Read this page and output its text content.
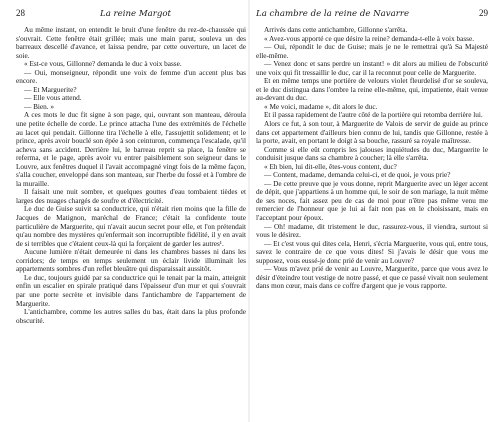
28	La reine Margot

Au même instant, on entendit le bruit d'une fenêtre du rez-de-chaussée qui s'ouvrait. Cette fenêtre était grillée; mais une main parut, souleva un des barreaux descellé d'avance, et laissa pendre, par cette ouverture, un lacet de soie.

« Est-ce vous, Gillonne? demanda le duc à voix basse.

— Oui, monseigneur, répondit une voix de femme d'un accent plus bas encore.

— Et Marguerite?

— Elle vous attend.

— Bien. »

A ces mots le duc fit signe à son page, qui, ouvrant son manteau, déroula une petite échelle de corde. Le prince attacha l'une des extrémités de l'échelle au lacet qui pendait. Gillonne tira l'échelle à elle, l'assujettit solidement; et le prince, après avoir bouclé son épée à son ceinturon, commença l'escalade, qu'il acheva sans accident. Derrière lui, le barreau reprit sa place, la fenêtre se referma, et le page, après avoir vu entrer paisiblement son seigneur dans le Louvre, aux fenêtres duquel il l'avait accompagné vingt fois de la même façon, s'alla coucher, enveloppé dans son manteau, sur l'herbe du fossé et à l'ombre de la muraille.

Il faisait une nuit sombre, et quelques gouttes d'eau tombaient tièdes et larges des nuages chargés de soufre et d'électricité.

Le duc de Guise suivit sa conductrice, qui n'était rien moins que la fille de Jacques de Matignon, maréchal de France; c'était la confidente toute particulière de Marguerite, qui n'avait aucun secret pour elle, et l'on prétendait qu'au nombre des mystères qu'enfermait son incorruptible fidélité, il y en avait de si terribles que c'étaient ceux-là qui la forçaient de garder les autres¹.

Aucune lumière n'était demeurée ni dans les chambres basses ni dans les corridors; de temps en temps seulement un éclair livide illuminait les appartements sombres d'un reflet bleuâtre qui disparaissait aussitôt.

Le duc, toujours guidé par sa conductrice qui le tenait par la main, atteignit enfin un escalier en spirale pratiqué dans l'épaisseur d'un mur et qui s'ouvrait par une porte secrète et invisible dans l'antichambre de l'appartement de Marguerite.

L'antichambre, comme les autres salles du bas, était dans la plus profonde obscurité.

La chambre de la reine de Navarre	29

Arrivés dans cette antichambre, Gillonne s'arrêta.

« Avez-vous apporté ce que désire la reine? demanda-t-elle à voix basse.

— Oui, répondit le duc de Guise; mais je ne le remettrai qu'à Sa Majesté elle-même.

— Venez donc et sans perdre un instant! » dit alors au milieu de l'obscurité une voix qui fit tressaillir le duc, car il la reconnut pour celle de Marguerite.

Et en même temps une portière de velours violet fleurdelisé d'or se souleva, et le duc distingua dans l'ombre la reine elle-même, qui, impatiente, était venue au-devant du duc.

« Me voici, madame », dit alors le duc.

Et il passa rapidement de l'autre côté de la portière qui retomba derrière lui.

Alors ce fut, à son tour, à Marguerite de Valois de servir de guide au prince dans cet appartement d'ailleurs bien connu de lui, tandis que Gillonne, restée à la porte, avait, en portant le doigt à sa bouche, rassuré sa royale maîtresse.

Comme si elle eût compris les jalouses inquiétudes du duc, Marguerite le conduisit jusque dans sa chambre à coucher; là elle s'arrêta.

« Eh bien, lui dit-elle, êtes-vous content, duc?

— Content, madame, demanda celui-ci, et de quoi, je vous prie?

— De cette preuve que je vous donne, reprit Marguerite avec un léger accent de dépit, que j'appartiens à un homme qui, le soir de son mariage, la nuit même de ses noces, fait assez peu de cas de moi pour n'être pas même venu me remercier de l'honneur que je lui ai fait non pas en le choisissant, mais en l'acceptant pour époux.

— Oh! madame, dit tristement le duc, rassurez-vous, il viendra, surtout si vous le désirez.

— Et c'est vous qui dites cela, Henri, s'écria Marguerite, vous qui, entre tous, savez le contraire de ce que vous dites! Si j'avais le désir que vous me supposez, vous eussé-je donc prié de venir au Louvre?

— Vous m'avez prié de venir au Louvre, Marguerite, parce que vous avez le désir d'éteindre tout vestige de notre passé, et que ce passé vivait non seulement dans mon cœur, mais dans ce coffre d'argent que je vous rapporte.
